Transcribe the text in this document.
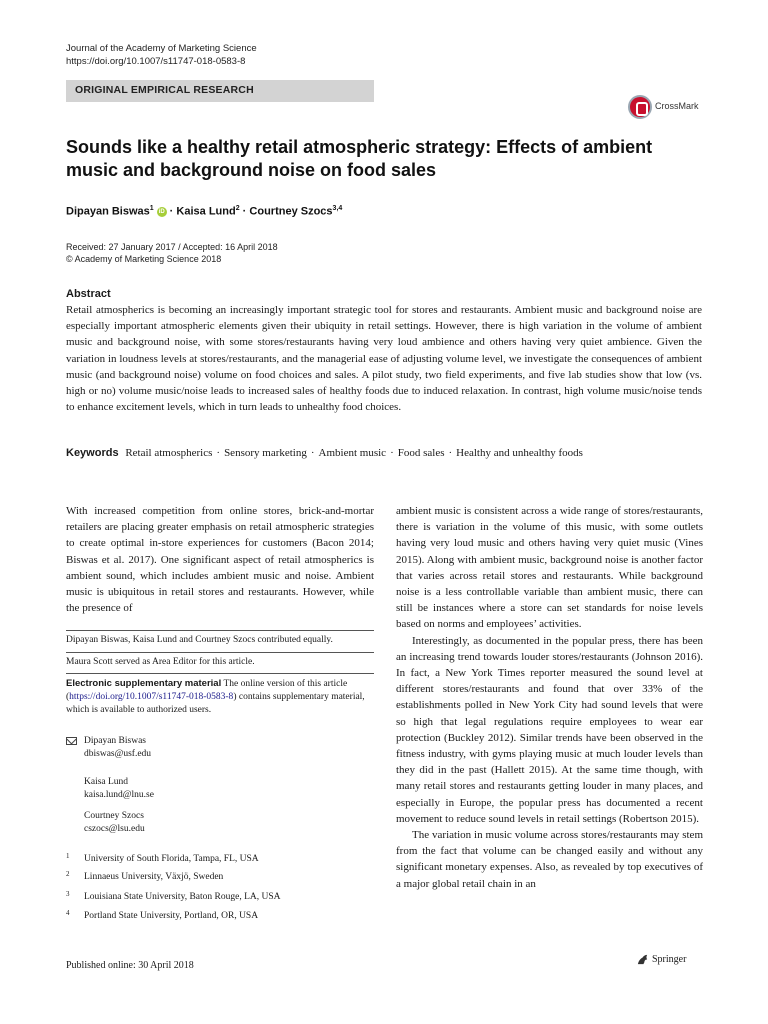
Journal of the Academy of Marketing Science
https://doi.org/10.1007/s11747-018-0583-8
ORIGINAL EMPIRICAL RESEARCH
CrossMark
Sounds like a healthy retail atmospheric strategy: Effects of ambient music and background noise on food sales
Dipayan Biswas$^1$ iD · Kaisa Lund$^2$ · Courtney Szocs$^{3,4}$
Received: 27 January 2017 / Accepted: 16 April 2018
© Academy of Marketing Science 2018
Abstract
Retail atmospherics is becoming an increasingly important strategic tool for stores and restaurants. Ambient music and background noise are especially important atmospheric elements given their ubiquity in retail settings. However, there is high variation in the volume of ambient music and background noise, with some stores/restaurants having very loud ambience and others having very quiet ambience. Given the variation in loudness levels at stores/restaurants, and the managerial ease of adjusting volume level, we investigate the consequences of ambient music (and background noise) volume on food choices and sales. A pilot study, two field experiments, and five lab studies show that low (vs. high or no) volume music/noise leads to increased sales of healthy foods due to induced relaxation. In contrast, high volume music/noise tends to enhance excitement levels, which in turn leads to unhealthy food choices.
Keywords Retail atmospherics · Sensory marketing · Ambient music · Food sales · Healthy and unhealthy foods

With increased competition from online stores, brick-and-mortar retailers are placing greater emphasis on retail atmospheric strategies to create optimal in-store experiences for customers (Bacon 2014; Biswas et al. 2017). One significant aspect of retail atmospherics is ambient sound, which includes ambient music and noise. Ambient music is ubiquitous in retail stores and restaurants. However, while the presence of

Dipayan Biswas, Kaisa Lund and Courtney Szocs contributed equally.
Maura Scott served as Area Editor for this article.
Electronic supplementary material The online version of this article (https://doi.org/10.1007/s11747-018-0583-8) contains supplementary material, which is available to authorized users.
Dipayan Biswas
dbiswas@usf.edu
Kaisa Lund
kaisa.lund@lnu.se
Courtney Szocs
cszocs@lsu.edu
1 University of South Florida, Tampa, FL, USA
2 Linnaeus University, Växjö, Sweden
3 Louisiana State University, Baton Rouge, LA, USA
4 Portland State University, Portland, OR, USA

ambient music is consistent across a wide range of stores/restaurants, there is variation in the volume of this music, with some outlets having very loud music and others having very quiet music (Vines 2015). Along with ambient music, background noise is another factor that varies across retail stores and restaurants. While background noise is a less controllable variable than ambient music, there can still be instances where a store can set standards for noise levels based on norms and employees’ activities.

Interestingly, as documented in the popular press, there has been an increasing trend towards louder stores/restaurants (Johnson 2016). In fact, a New York Times reporter measured the sound level at different stores/restaurants and found that over 33% of the establishments polled in New York City had sound levels that were so high that legal regulations require employees to wear ear protection (Buckley 2012). Similar trends have been observed in the fitness industry, with gyms playing music at much louder levels than they did in the past (Hallett 2015). At the same time though, with many retail stores and restaurants getting louder in many places, and especially in Europe, the popular press has documented a recent movement to reduce sound levels in retail settings (Robertson 2015).

The variation in music volume across stores/restaurants may stem from the fact that volume can be changed easily and without any significant monetary expenses. Also, as revealed by top executives of a major global retail chain in an

Published online: 30 April 2018
Springer
